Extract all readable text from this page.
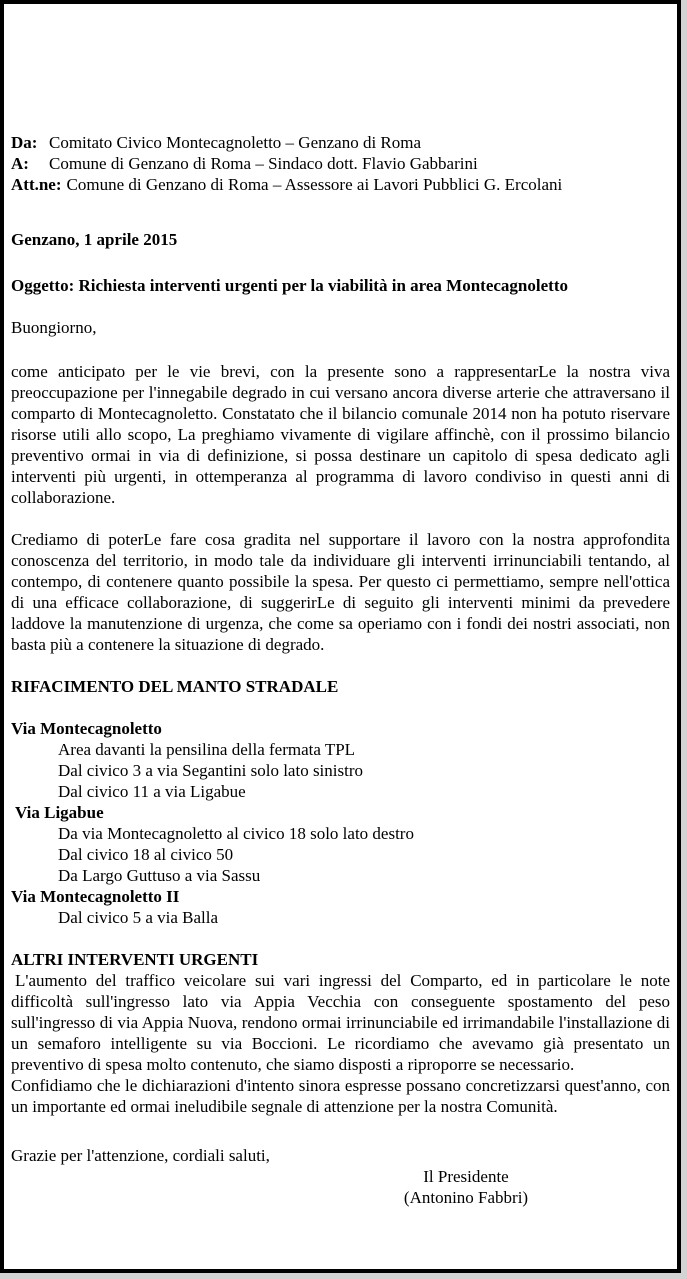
Da: Comitato Civico Montecagnoletto – Genzano di Roma
A: Comune di Genzano di Roma – Sindaco dott. Flavio Gabbarini
Att.ne: Comune di Genzano di Roma – Assessore ai Lavori Pubblici G. Ercolani
Genzano, 1 aprile 2015
Oggetto: Richiesta interventi urgenti per la viabilità in area Montecagnoletto
Buongiorno,
come anticipato per le vie brevi, con la presente sono a rappresentarLe la nostra viva preoccupazione per l'innegabile degrado in cui versano ancora diverse arterie che attraversano il comparto di Montecagnoletto. Constatato che il bilancio comunale 2014 non ha potuto riservare risorse utili allo scopo, La preghiamo vivamente di vigilare affinchè, con il prossimo bilancio preventivo ormai in via di definizione, si possa destinare un capitolo di spesa dedicato agli interventi più urgenti, in ottemperanza al programma di lavoro condiviso in questi anni di collaborazione.
Crediamo di poterLe fare cosa gradita nel supportare il lavoro con la nostra approfondita conoscenza del territorio, in modo tale da individuare gli interventi irrinunciabili tentando, al contempo, di contenere quanto possibile la spesa. Per questo ci permettiamo, sempre nell'ottica di una efficace collaborazione, di suggerirLe di seguito gli interventi minimi da prevedere laddove la manutenzione di urgenza, che come sa operiamo con i fondi dei nostri associati, non basta più a contenere la situazione di degrado.
RIFACIMENTO DEL MANTO STRADALE
Via Montecagnoletto
Area davanti la pensilina della fermata TPL
Dal civico 3 a via Segantini solo lato sinistro
Dal civico 11 a via Ligabue
Via Ligabue
Da via Montecagnoletto al civico 18 solo lato destro
Dal civico 18 al civico 50
Da Largo Guttuso a via Sassu
Via Montecagnoletto II
Dal civico 5 a via Balla
ALTRI INTERVENTI URGENTI
L'aumento del traffico veicolare sui vari ingressi del Comparto, ed in particolare le note difficoltà sull'ingresso lato via Appia Vecchia con conseguente spostamento del peso sull'ingresso di via Appia Nuova, rendono ormai irrinunciabile ed irrimandabile l'installazione di un semaforo intelligente su via Boccioni. Le ricordiamo che avevamo già presentato un preventivo di spesa molto contenuto, che siamo disposti a riproporre se necessario.
Confidiamo che le dichiarazioni d'intento sinora espresse possano concretizzarsi quest'anno, con un importante ed ormai ineludibile segnale di attenzione per la nostra Comunità.
Grazie per l'attenzione, cordiali saluti,
Il Presidente
(Antonino Fabbri)
